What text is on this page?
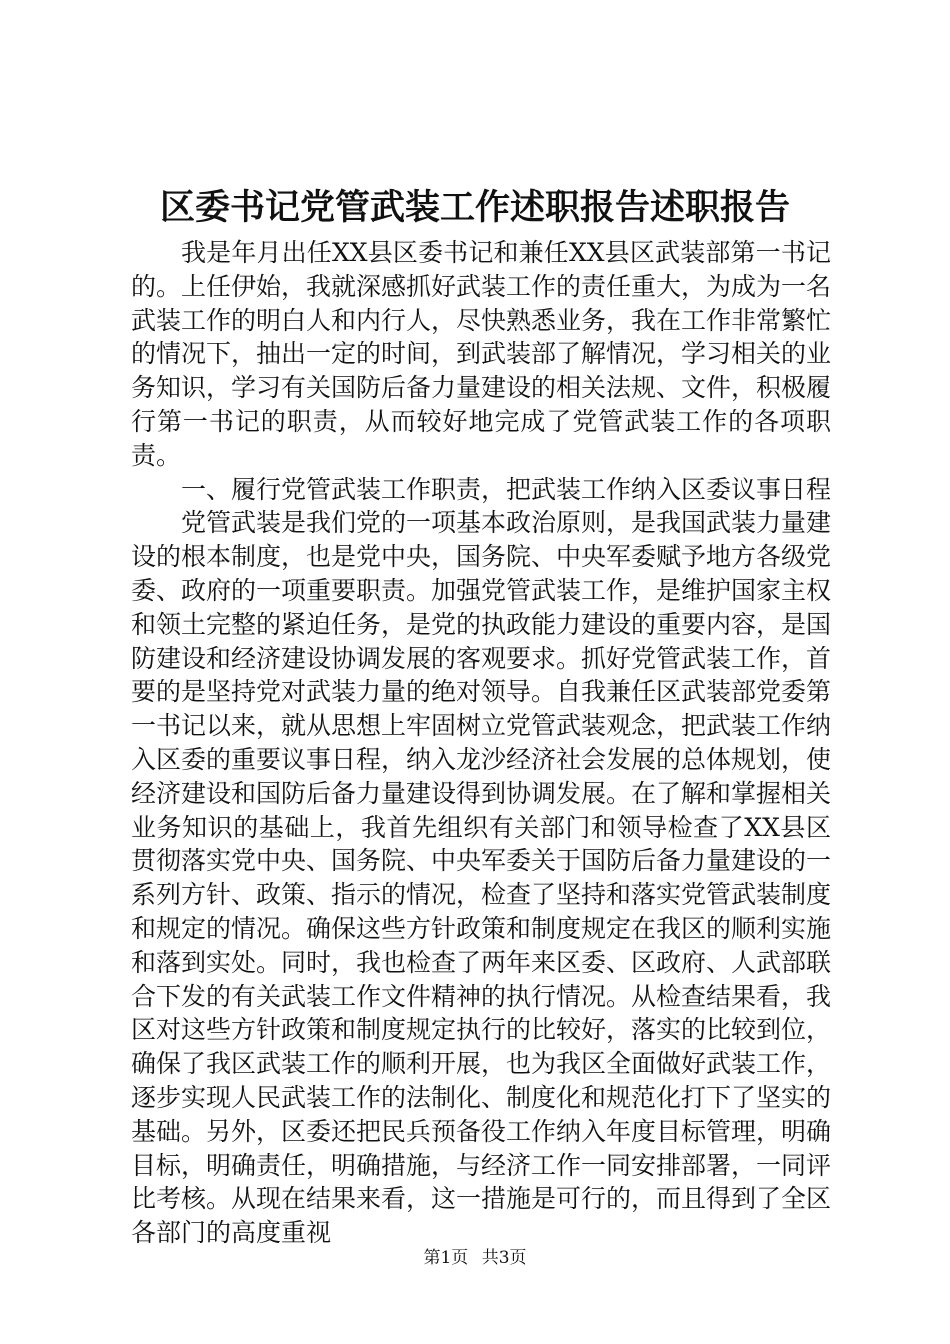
区委书记党管武装工作述职报告述职报告

我是年月出任XX县区委书记和兼任XX县区武装部第一书记的。上任伊始，我就深感抓好武装工作的责任重大，为成为一名武装工作的明白人和内行人，尽快熟悉业务，我在工作非常繁忙的情况下，抽出一定的时间，到武装部了解情况，学习相关的业务知识，学习有关国防后备力量建设的相关法规、文件，积极履行第一书记的职责，从而较好地完成了党管武装工作的各项职责。

一、履行党管武装工作职责，把武装工作纳入区委议事日程

党管武装是我们党的一项基本政治原则，是我国武装力量建设的根本制度，也是党中央，国务院、中央军委赋予地方各级党委、政府的一项重要职责。加强党管武装工作，是维护国家主权和领土完整的紧迫任务，是党的执政能力建设的重要内容，是国防建设和经济建设协调发展的客观要求。抓好党管武装工作，首要的是坚持党对武装力量的绝对领导。自我兼任区武装部党委第一书记以来，就从思想上牢固树立党管武装观念，把武装工作纳入区委的重要议事日程，纳入龙沙经济社会发展的总体规划，使经济建设和国防后备力量建设得到协调发展。在了解和掌握相关业务知识的基础上，我首先组织有关部门和领导检查了XX县区贯彻落实党中央、国务院、中央军委关于国防后备力量建设的一系列方针、政策、指示的情况，检查了坚持和落实党管武装制度和规定的情况。确保这些方针政策和制度规定在我区的顺利实施和落到实处。同时，我也检查了两年来区委、区政府、人武部联合下发的有关武装工作文件精神的执行情况。从检查结果看，我区对这些方针政策和制度规定执行的比较好，落实的比较到位，确保了我区武装工作的顺利开展，也为我区全面做好武装工作，逐步实现人民武装工作的法制化、制度化和规范化打下了坚实的基础。另外，区委还把民兵预备役工作纳入年度目标管理，明确目标，明确责任，明确措施，与经济工作一同安排部署，一同评比考核。从现在结果来看，这一措施是可行的，而且得到了全区各部门的高度重视

第1页 共3页
